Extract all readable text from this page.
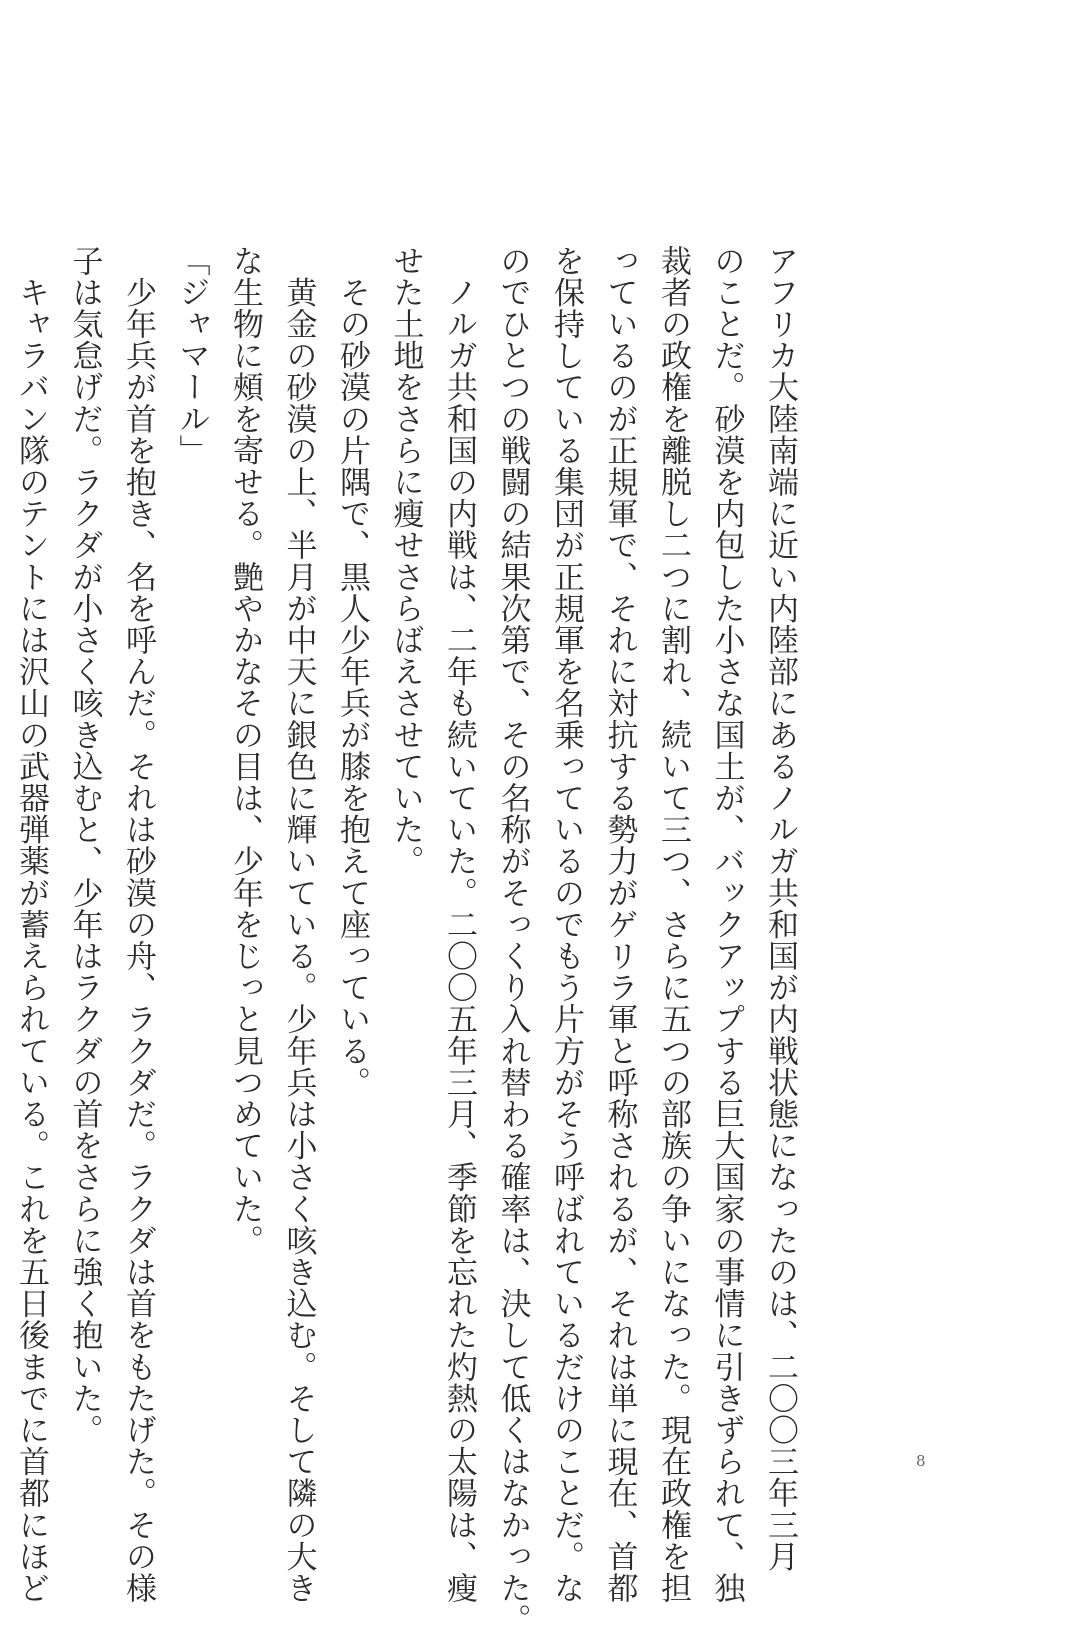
アフリカ大陸南端に近い内陸部にあるノルガ共和国が内戦状態になったのは、二〇〇三年三月
のことだ。砂漠を内包した小さな国土が、バックアップする巨大国家の事情に引きずられて、独
裁者の政権を離脱し二つに割れ、続いて三つ、さらに五つの部族の争いになった。現在政権を担
っているのが正規軍で、それに対抗する勢力がゲリラ軍と呼称されるが、それは単に現在、首都
を保持している集団が正規軍を名乗っているのでもう片方がそう呼ばれているだけのことだ。な
のでひとつの戦闘の結果次第で、その名称がそっくり入れ替わる確率は、決して低くはなかった。
　ノルガ共和国の内戦は、二年も続いていた。二〇〇五年三月、季節を忘れた灼熱の太陽は、瘦
せた土地をさらに瘦せさらばえさせていた。
　その砂漠の片隅で、黒人少年兵が膝を抱えて座っている。
　黄金の砂漠の上、半月が中天に銀色に輝いている。少年兵は小さく咳き込む。そして隣の大き
な生物に頰を寄せる。艶やかなその目は、少年をじっと見つめていた。
「ジャマール」
　少年兵が首を抱き、名を呼んだ。それは砂漠の舟、ラクダだ。ラクダは首をもたげた。その様
子は気怠げだ。ラクダが小さく咳き込むと、少年はラクダの首をさらに強く抱いた。
　キャラバン隊のテントには沢山の武器弾薬が蓄えられている。これを五日後までに首都にほど	8
